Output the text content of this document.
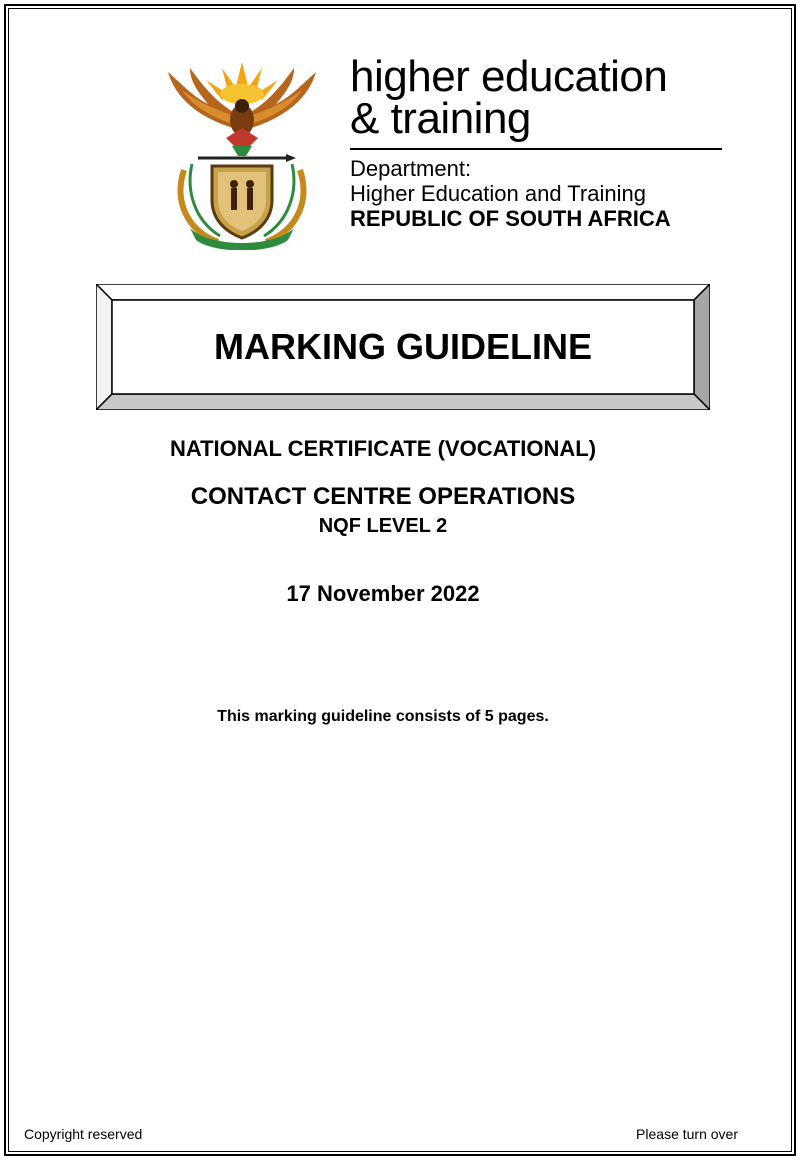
higher education
& training
Department:
Higher Education and Training
REPUBLIC OF SOUTH AFRICA
MARKING GUIDELINE
NATIONAL CERTIFICATE (VOCATIONAL)
CONTACT CENTRE OPERATIONS
NQF LEVEL 2
17 November 2022
This marking guideline consists of 5 pages.
Copyright reserved	Please turn over
